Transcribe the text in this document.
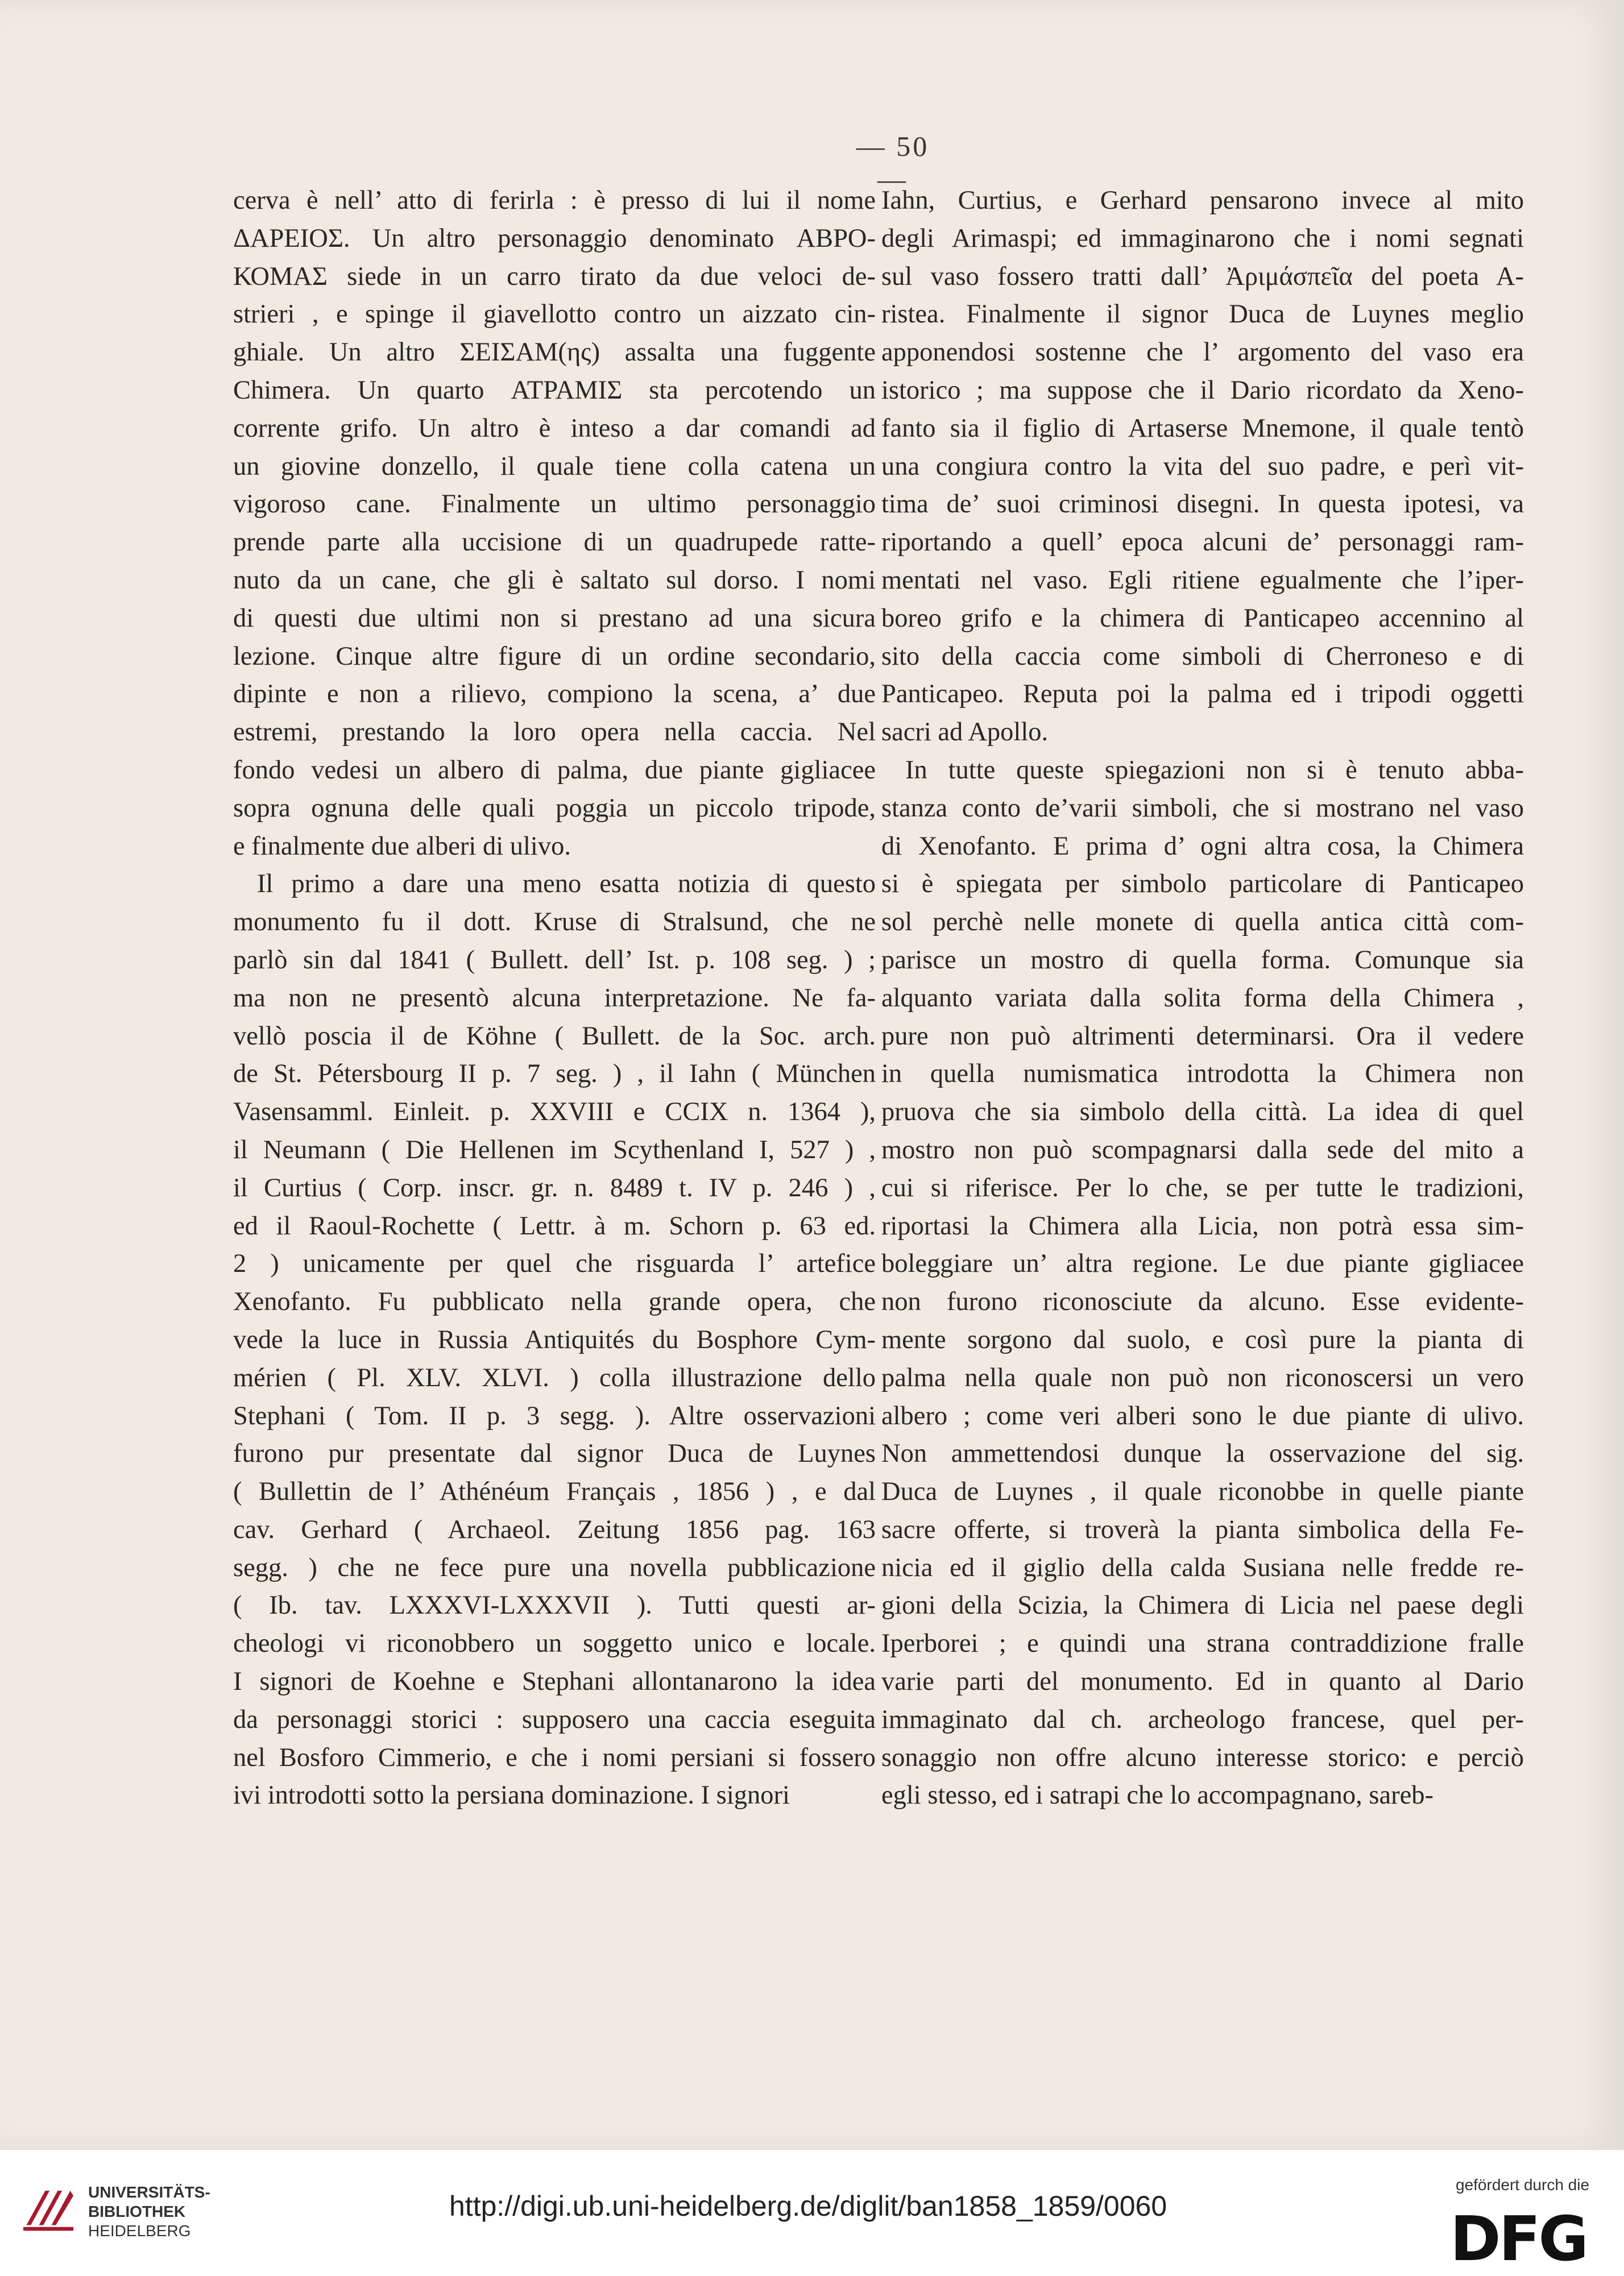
— 50 —
cerva è nell’ atto di ferirla : è presso di lui il nome
ΔΑΡΕΙΟΣ. Un altro personaggio denominato ΑΒΡΟ-
ΚΟΜΑΣ siede in un carro tirato da due veloci de-
strieri , e spinge il giavellotto contro un aizzato cin-
ghiale. Un altro ΣΕΙΣΑΜ(ης) assalta una fuggente
Chimera. Un quarto ΑΤΡΑΜΙΣ sta percotendo un
corrente grifo. Un altro è inteso a dar comandi ad
un giovine donzello, il quale tiene colla catena un
vigoroso cane. Finalmente un ultimo personaggio
prende parte alla uccisione di un quadrupede ratte-
nuto da un cane, che gli è saltato sul dorso. I nomi
di questi due ultimi non si prestano ad una sicura
lezione. Cinque altre figure di un ordine secondario,
dipinte e non a rilievo, compiono la scena, a’ due
estremi, prestando la loro opera nella caccia. Nel
fondo vedesi un albero di palma, due piante gigliacee
sopra ognuna delle quali poggia un piccolo tripode,
e finalmente due alberi di ulivo.
Il primo a dare una meno esatta notizia di questo
monumento fu il dott. Kruse di Stralsund, che ne
parlò sin dal 1841 ( Bullett. dell’ Ist. p. 108 seg. ) ;
ma non ne presentò alcuna interpretazione. Ne fa-
vellò poscia il de Köhne ( Bullett. de la Soc. arch.
de St. Pétersbourg II p. 7 seg. ) , il Iahn ( München
Vasensamml. Einleit. p. XXVIII e CCIX n. 1364 ),
il Neumann ( Die Hellenen im Scythenland I, 527 ) ,
il Curtius ( Corp. inscr. gr. n. 8489 t. IV p. 246 ) ,
ed il Raoul-Rochette ( Lettr. à m. Schorn p. 63 ed.
2 ) unicamente per quel che risguarda l’ artefice
Xenofanto. Fu pubblicato nella grande opera, che
vede la luce in Russia Antiquités du Bosphore Cym-
mérien ( Pl. XLV. XLVI. ) colla illustrazione dello
Stephani ( Tom. II p. 3 segg. ). Altre osservazioni
furono pur presentate dal signor Duca de Luynes
( Bullettin de l’ Athénéum Français , 1856 ) , e dal
cav. Gerhard ( Archaeol. Zeitung 1856 pag. 163
segg. ) che ne fece pure una novella pubblicazione
( Ib. tav. LXXXVI-LXXXVII ). Tutti questi ar-
cheologi vi riconobbero un soggetto unico e locale.
I signori de Koehne e Stephani allontanarono la idea
da personaggi storici : supposero una caccia eseguita
nel Bosforo Cimmerio, e che i nomi persiani si fossero
ivi introdotti sotto la persiana dominazione. I signori
Iahn, Curtius, e Gerhard pensarono invece al mito
degli Arimaspi; ed immaginarono che i nomi segnati
sul vaso fossero tratti dall’ Ἀριμάσπεῖα del poeta A-
ristea. Finalmente il signor Duca de Luynes meglio
apponendosi sostenne che l’ argomento del vaso era
istorico ; ma suppose che il Dario ricordato da Xeno-
fanto sia il figlio di Artaserse Mnemone, il quale tentò
una congiura contro la vita del suo padre, e perì vit-
tima de’ suoi criminosi disegni. In questa ipotesi, va
riportando a quell’ epoca alcuni de’ personaggi ram-
mentati nel vaso. Egli ritiene egualmente che l’iper-
boreo grifo e la chimera di Panticapeo accennino al
sito della caccia come simboli di Cherroneso e di
Panticapeo. Reputa poi la palma ed i tripodi oggetti
sacri ad Apollo.
In tutte queste spiegazioni non si è tenuto abba-
stanza conto de’varii simboli, che si mostrano nel vaso
di Xenofanto. E prima d’ ogni altra cosa, la Chimera
si è spiegata per simbolo particolare di Panticapeo
sol perchè nelle monete di quella antica città com-
parisce un mostro di quella forma. Comunque sia
alquanto variata dalla solita forma della Chimera ,
pure non può altrimenti determinarsi. Ora il vedere
in quella numismatica introdotta la Chimera non
pruova che sia simbolo della città. La idea di quel
mostro non può scompagnarsi dalla sede del mito a
cui si riferisce. Per lo che, se per tutte le tradizioni,
riportasi la Chimera alla Licia, non potrà essa sim-
boleggiare un’ altra regione. Le due piante gigliacee
non furono riconosciute da alcuno. Esse evidente-
mente sorgono dal suolo, e così pure la pianta di
palma nella quale non può non riconoscersi un vero
albero ; come veri alberi sono le due piante di ulivo.
Non ammettendosi dunque la osservazione del sig.
Duca de Luynes , il quale riconobbe in quelle piante
sacre offerte, si troverà la pianta simbolica della Fe-
nicia ed il giglio della calda Susiana nelle fredde re-
gioni della Scizia, la Chimera di Licia nel paese degli
Iperborei ; e quindi una strana contraddizione fralle
varie parti del monumento. Ed in quanto al Dario
immaginato dal ch. archeologo francese, quel per-
sonaggio non offre alcuno interesse storico: e perciò
egli stesso, ed i satrapi che lo accompagnano, sareb-
UNIVERSITÄTS-
BIBLIOTHEK
HEIDELBERG
http://digi.ub.uni-heidelberg.de/diglit/ban1858_1859/0060
gefördert durch die
DFG
